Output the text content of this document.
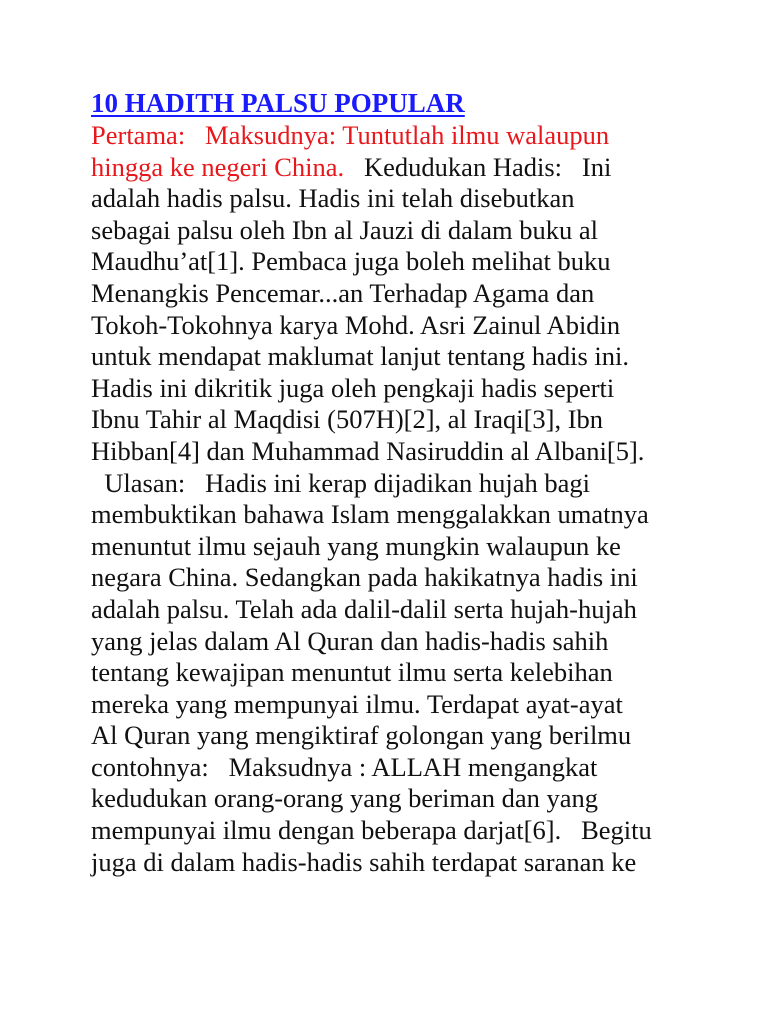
10 HADITH PALSU POPULAR
Pertama:   Maksudnya: Tuntutlah ilmu walaupun
hingga ke negeri China.   Kedudukan Hadis:   Ini
adalah hadis palsu. Hadis ini telah disebutkan
sebagai palsu oleh Ibn al Jauzi di dalam buku al
Maudhu’at[1]. Pembaca juga boleh melihat buku
Menangkis Pencemar...an Terhadap Agama dan
Tokoh-Tokohnya karya Mohd. Asri Zainul Abidin
untuk mendapat maklumat lanjut tentang hadis ini.
Hadis ini dikritik juga oleh pengkaji hadis seperti
Ibnu Tahir al Maqdisi (507H)[2], al Iraqi[3], Ibn
Hibban[4] dan Muhammad Nasiruddin al Albani[5].
Ulasan:   Hadis ini kerap dijadikan hujah bagi
membuktikan bahawa Islam menggalakkan umatnya
menuntut ilmu sejauh yang mungkin walaupun ke
negara China. Sedangkan pada hakikatnya hadis ini
adalah palsu. Telah ada dalil-dalil serta hujah-hujah
yang jelas dalam Al Quran dan hadis-hadis sahih
tentang kewajipan menuntut ilmu serta kelebihan
mereka yang mempunyai ilmu. Terdapat ayat-ayat
Al Quran yang mengiktiraf golongan yang berilmu
contohnya:   Maksudnya : ALLAH mengangkat
kedudukan orang-orang yang beriman dan yang
mempunyai ilmu dengan beberapa darjat[6].   Begitu
juga di dalam hadis-hadis sahih terdapat saranan ke
